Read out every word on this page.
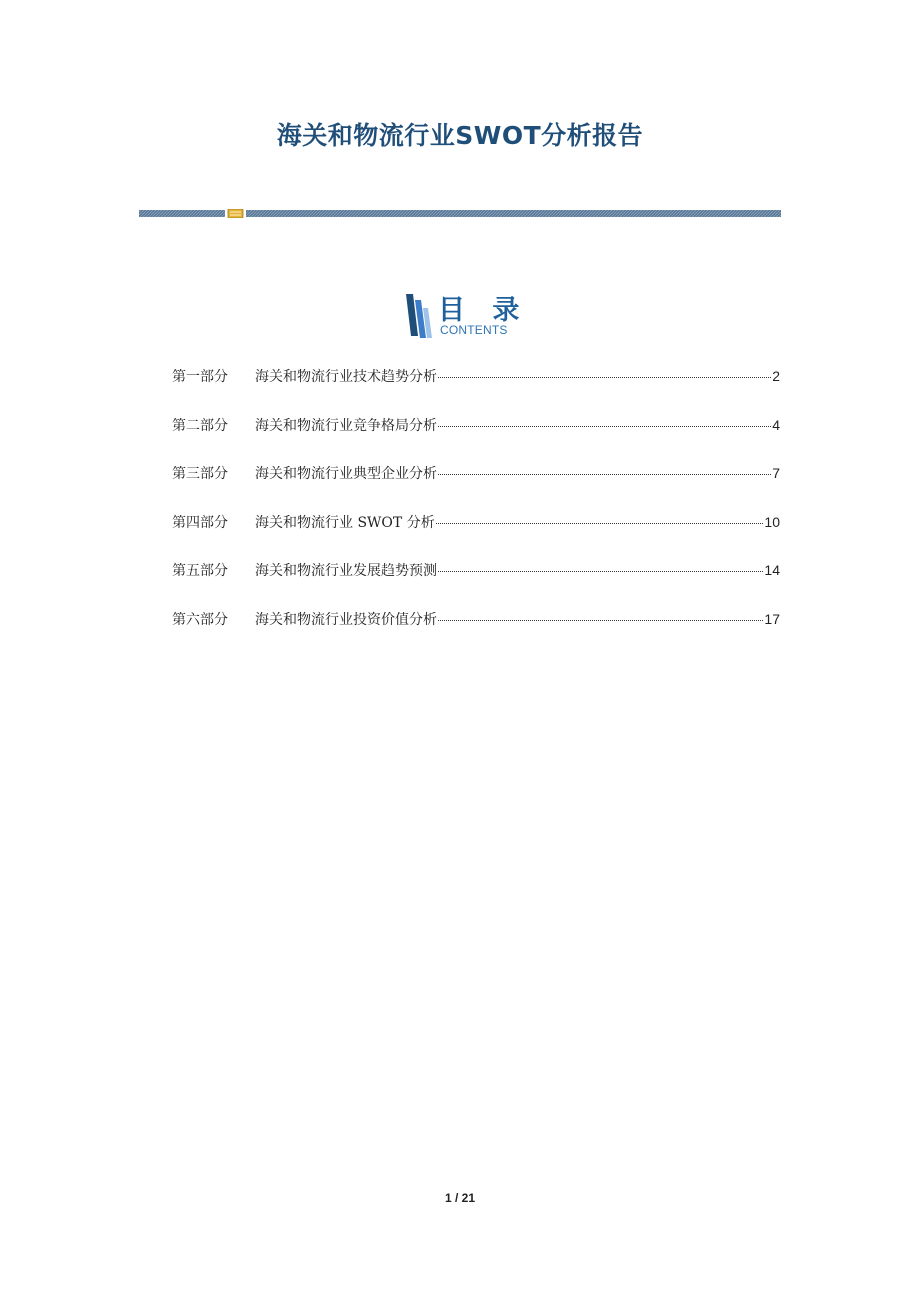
海关和物流行业SWOT分析报告
目 录
CONTENTS
第一部分	海关和物流行业技术趋势分析	2
第二部分	海关和物流行业竞争格局分析	4
第三部分	海关和物流行业典型企业分析	7
第四部分	海关和物流行业 SWOT 分析	10
第五部分	海关和物流行业发展趋势预测	14
第六部分	海关和物流行业投资价值分析	17
1 / 21
